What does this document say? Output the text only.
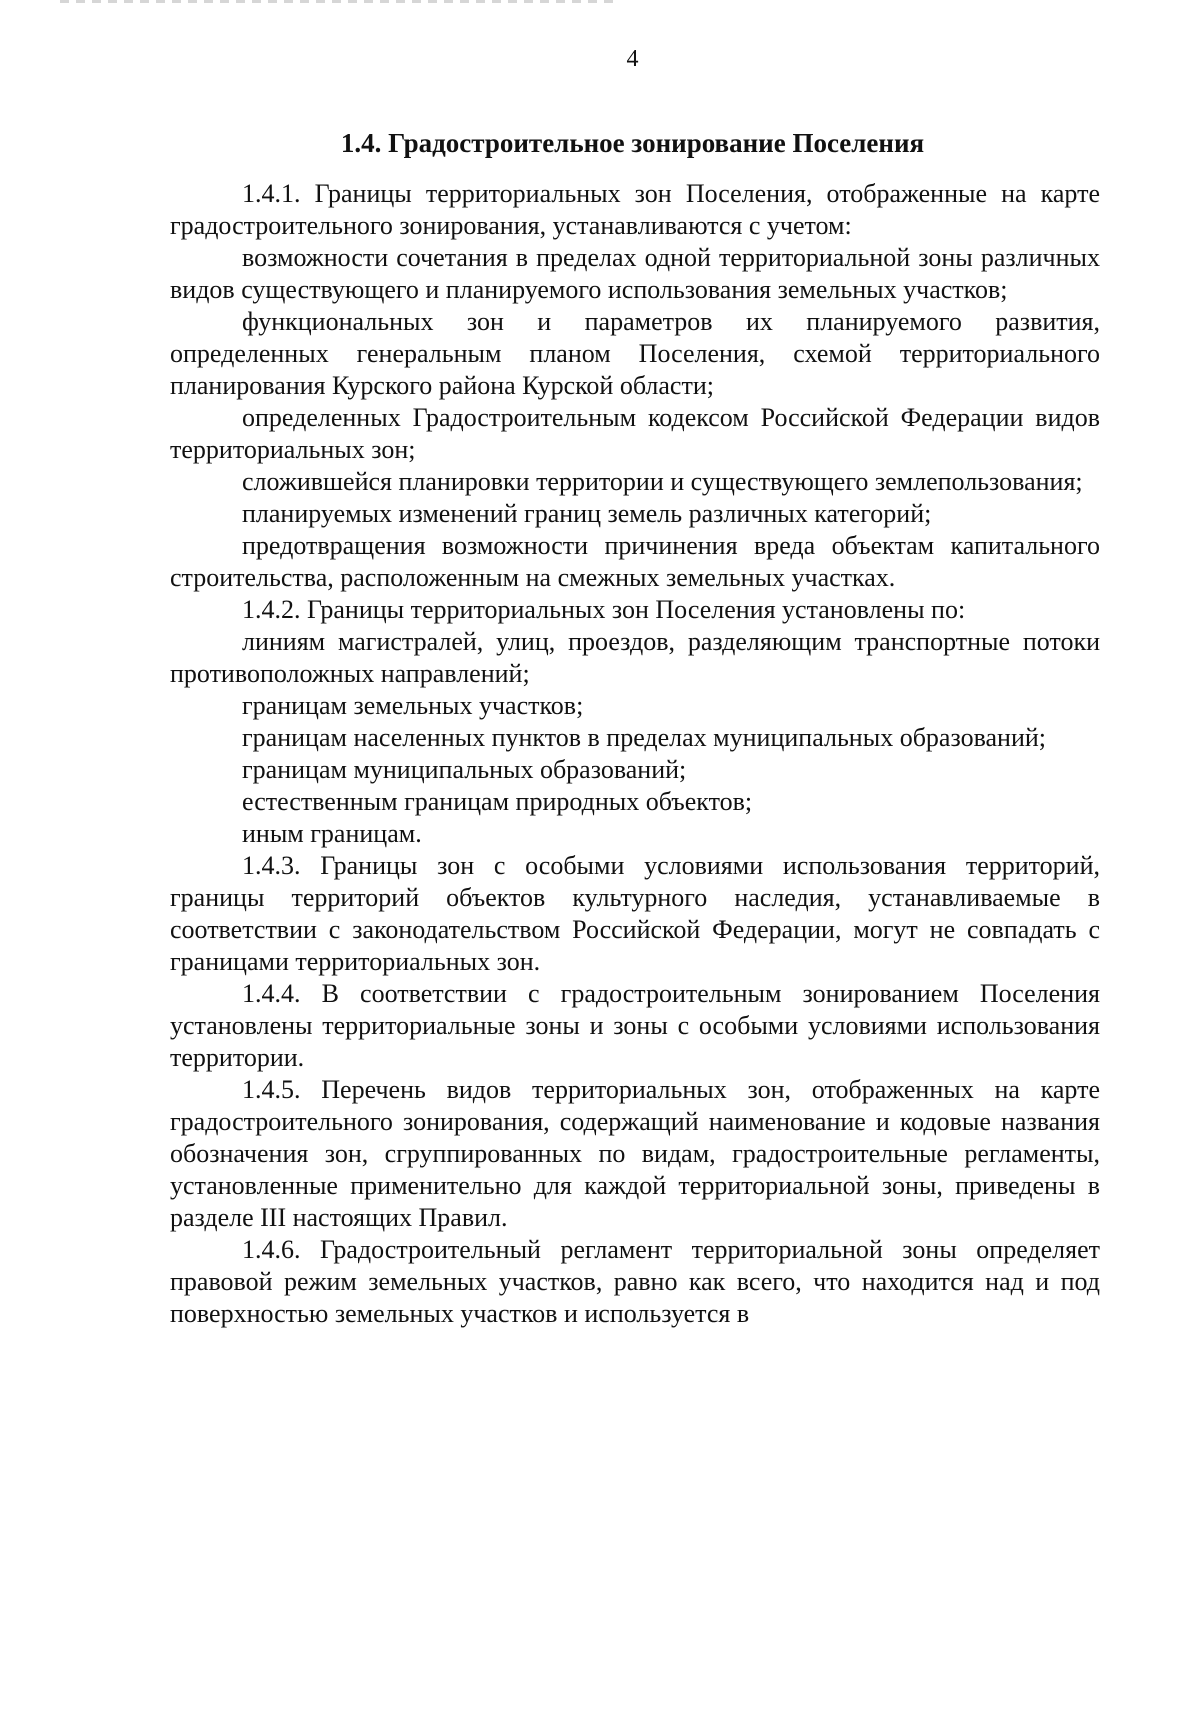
4
1.4. Градостроительное зонирование Поселения

1.4.1. Границы территориальных зон Поселения, отображенные на карте градостроительного зонирования, устанавливаются с учетом:

возможности сочетания в пределах одной территориальной зоны различных видов существующего и планируемого использования земельных участков;

функциональных зон и параметров их планируемого развития, определенных генеральным планом Поселения, схемой территориального планирования Курского района Курской области;

определенных Градостроительным кодексом Российской Федерации видов территориальных зон;

сложившейся планировки территории и существующего землепользования;

планируемых изменений границ земель различных категорий;

предотвращения возможности причинения вреда объектам капитального строительства, расположенным на смежных земельных участках.

1.4.2. Границы территориальных зон Поселения установлены по:

линиям магистралей, улиц, проездов, разделяющим транспортные потоки противоположных направлений;

границам земельных участков;

границам населенных пунктов в пределах муниципальных образований;

границам муниципальных образований;

естественным границам природных объектов;

иным границам.

1.4.3. Границы зон с особыми условиями использования территорий, границы территорий объектов культурного наследия, устанавливаемые в соответствии с законодательством Российской Федерации, могут не совпадать с границами территориальных зон.

1.4.4. В соответствии с градостроительным зонированием Поселения установлены территориальные зоны и зоны с особыми условиями использования территории.

1.4.5. Перечень видов территориальных зон, отображенных на карте градостроительного зонирования, содержащий наименование и кодовые названия обозначения зон, сгруппированных по видам, градостроительные регламенты, установленные применительно для каждой территориальной зоны, приведены в разделе III настоящих Правил.

1.4.6. Градостроительный регламент территориальной зоны определяет правовой режим земельных участков, равно как всего, что находится над и под поверхностью земельных участков и используется в
